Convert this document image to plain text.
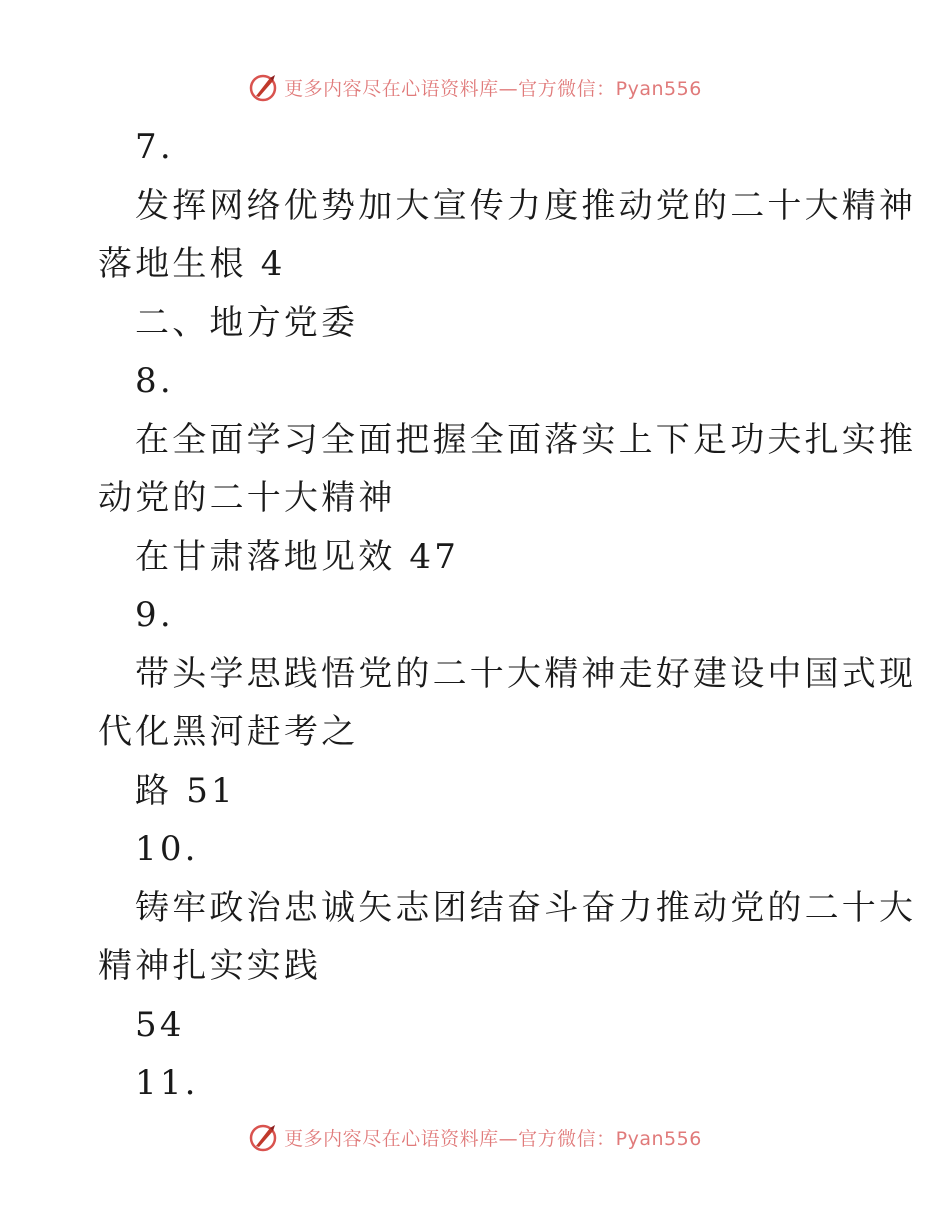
更多内容尽在心语资料库—官方微信：Pyan556
7.
发挥网络优势加大宣传力度推动党的二十大精神
落地生根 4
二、地方党委
8.
在全面学习全面把握全面落实上下足功夫扎实推
动党的二十大精神
在甘肃落地见效 47
9.
带头学思践悟党的二十大精神走好建设中国式现
代化黑河赶考之
路 51
10.
铸牢政治忠诚矢志团结奋斗奋力推动党的二十大
精神扎实实践
54
11.
更多内容尽在心语资料库—官方微信：Pyan556
